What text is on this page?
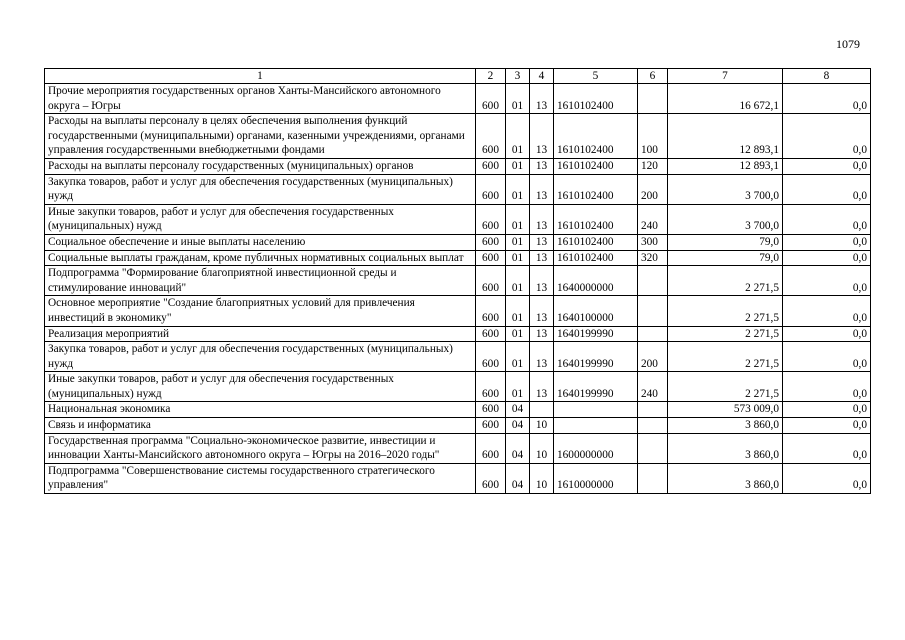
1079
1	2	3	4	5	6	7	8
Прочие мероприятия государственных органов Ханты-Мансийского автономного округа – Югры	600	01	13	1610102400		16 672,1	0,0
Расходы на выплаты персоналу в целях обеспечения выполнения функций государственными (муниципальными) органами, казенными учреждениями, органами управления государственными внебюджетными фондами	600	01	13	1610102400	100	12 893,1	0,0
Расходы на выплаты персоналу государственных (муниципальных) органов	600	01	13	1610102400	120	12 893,1	0,0
Закупка товаров, работ и услуг для обеспечения государственных (муниципальных) нужд	600	01	13	1610102400	200	3 700,0	0,0
Иные закупки товаров, работ и услуг для обеспечения государственных (муниципальных) нужд	600	01	13	1610102400	240	3 700,0	0,0
Социальное обеспечение и иные выплаты населению	600	01	13	1610102400	300	79,0	0,0
Социальные выплаты гражданам, кроме публичных нормативных социальных выплат	600	01	13	1610102400	320	79,0	0,0
Подпрограмма "Формирование благоприятной инвестиционной среды и стимулирование инноваций"	600	01	13	1640000000		2 271,5	0,0
Основное мероприятие "Создание благоприятных условий для привлечения инвестиций в экономику"	600	01	13	1640100000		2 271,5	0,0
Реализация мероприятий	600	01	13	1640199990		2 271,5	0,0
Закупка товаров, работ и услуг для обеспечения государственных (муниципальных) нужд	600	01	13	1640199990	200	2 271,5	0,0
Иные закупки товаров, работ и услуг для обеспечения государственных (муниципальных) нужд	600	01	13	1640199990	240	2 271,5	0,0
Национальная экономика	600	04				573 009,0	0,0
Связь и информатика	600	04	10			3 860,0	0,0
Государственная программа "Социально-экономическое развитие, инвестиции и инновации Ханты-Мансийского автономного округа – Югры на 2016–2020 годы"	600	04	10	1600000000		3 860,0	0,0
Подпрограмма "Совершенствование системы государственного стратегического управления"	600	04	10	1610000000		3 860,0	0,0
